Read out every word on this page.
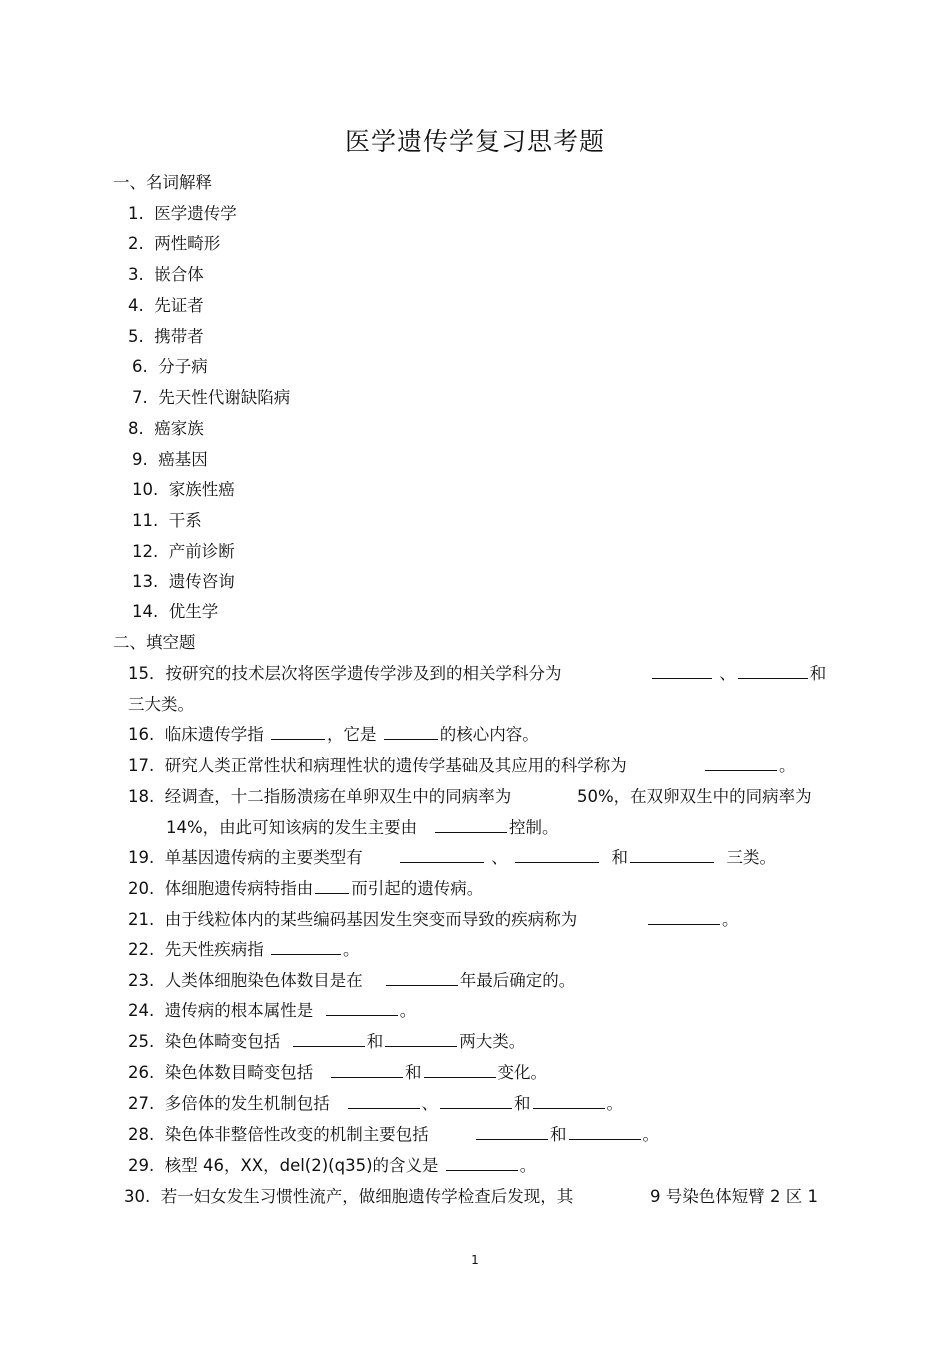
医学遗传学复习思考题
一、名词解释
1. 医学遗传学
2. 两性畸形
3. 嵌合体
4. 先证者
5. 携带者
6. 分子病
7. 先天性代谢缺陷病
8. 癌家族
9. 癌基因
10. 家族性癌
11. 干系
12. 产前诊断
13. 遗传咨询
14. 优生学
二、填空题
15．按研究的技术层次将医学遗传学涉及到的相关学科分为	、	和
三大类。
16. 临床遗传学指	，它是	的核心内容。
17. 研究人类正常性状和病理性状的遗传学基础及其应用的科学称为	。
18. 经调查，十二指肠溃疡在单卵双生中的同病率为	50%，在双卵双生中的同病率为
14%，由此可知该病的发生主要由	控制。
19. 单基因遗传病的主要类型有	、	和	三类。
20. 体细胞遗传病特指由 而引起的遗传病。
21. 由于线粒体内的某些编码基因发生突变而导致的疾病称为	。
22. 先天性疾病指	。
23. 人类体细胞染色体数目是在	年最后确定的。
24. 遗传病的根本属性是	。
25. 染色体畸变包括	和	两大类。
26. 染色体数目畸变包括	和	变化。
27. 多倍体的发生机制包括	、	和	。
28. 染色体非整倍性改变的机制主要包括	和	。
29. 核型 46，XX，del(2)(q35)的含义是	。
30. 若一妇女发生习惯性流产，做细胞遗传学检查后发现，其	9 号染色体短臂 2 区 1
1
